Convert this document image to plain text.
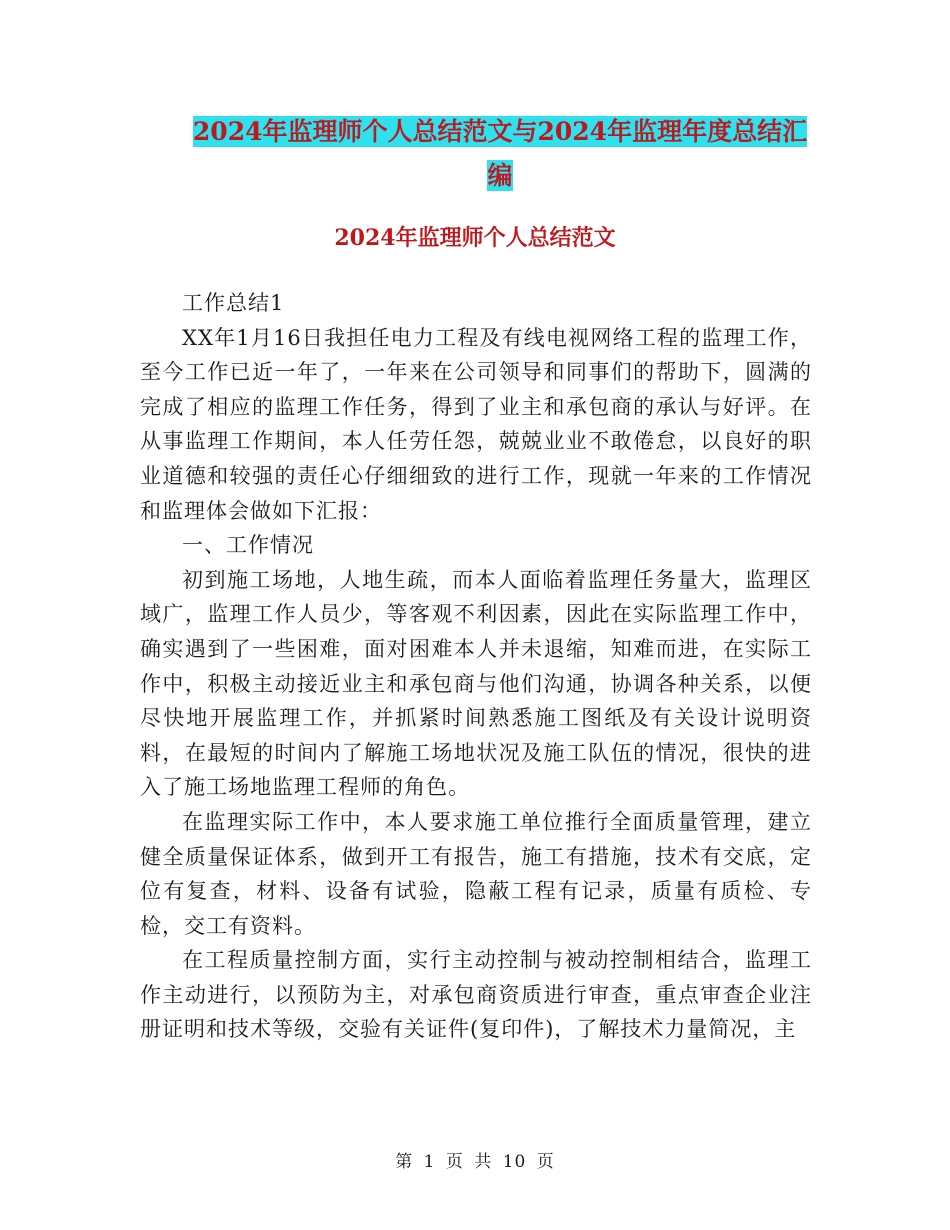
2024年监理师个人总结范文与2024年监理年度总结汇
编
2024年监理师个人总结范文

工作总结1

XX年1月16日我担任电力工程及有线电视网络工程的监理工作，至今工作已近一年了，一年来在公司领导和同事们的帮助下，圆满的完成了相应的监理工作任务，得到了业主和承包商的承认与好评。在从事监理工作期间，本人任劳任怨，兢兢业业不敢倦怠，以良好的职业道德和较强的责任心仔细细致的进行工作，现就一年来的工作情况和监理体会做如下汇报：

一、工作情况

初到施工场地，人地生疏，而本人面临着监理任务量大，监理区域广，监理工作人员少，等客观不利因素，因此在实际监理工作中，确实遇到了一些困难，面对困难本人并未退缩，知难而进，在实际工作中，积极主动接近业主和承包商与他们沟通，协调各种关系，以便尽快地开展监理工作，并抓紧时间熟悉施工图纸及有关设计说明资料，在最短的时间内了解施工场地状况及施工队伍的情况，很快的进入了施工场地监理工程师的角色。

在监理实际工作中，本人要求施工单位推行全面质量管理，建立健全质量保证体系，做到开工有报告，施工有措施，技术有交底，定位有复查，材料、设备有试验，隐蔽工程有记录，质量有质检、专检，交工有资料。

在工程质量控制方面，实行主动控制与被动控制相结合，监理工作主动进行，以预防为主，对承包商资质进行审查，重点审查企业注册证明和技术等级，交验有关证件(复印件)，了解技术力量简况，主

第 1 页 共 10 页
